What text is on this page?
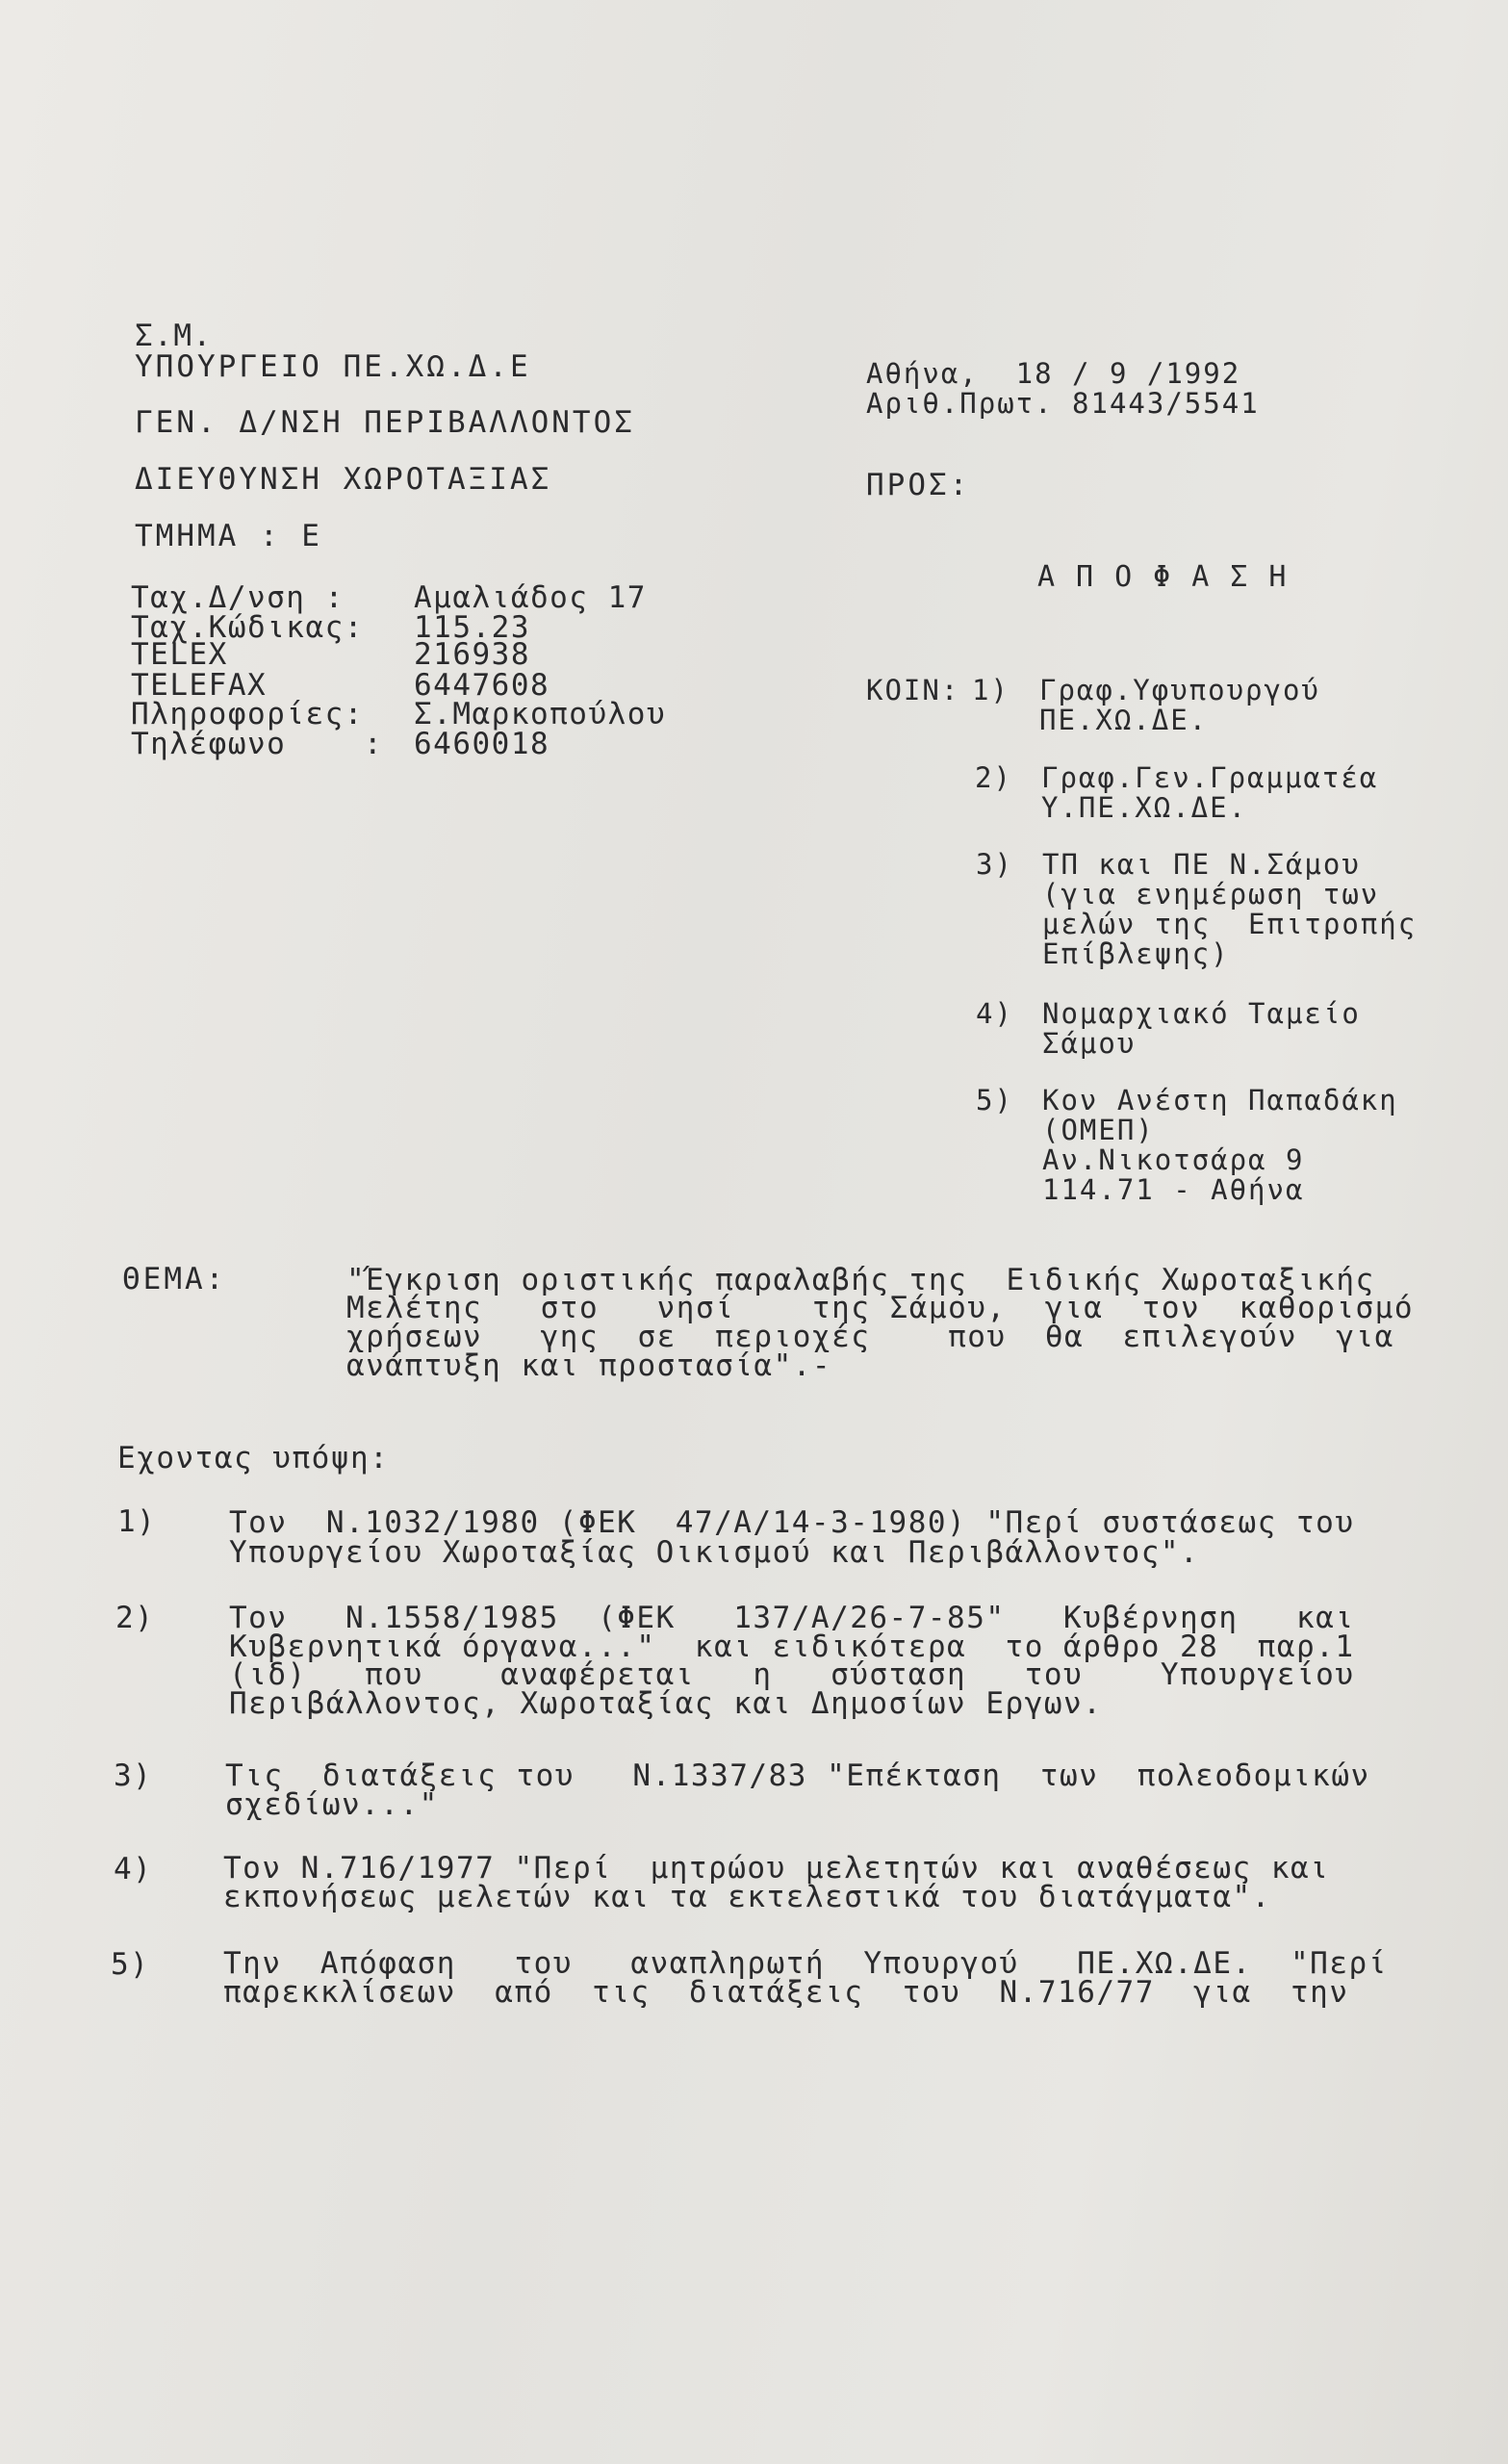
Σ.Μ.
ΥΠΟΥΡΓΕΙΟ ΠΕ.ΧΩ.Δ.Ε
ΓΕΝ. Δ/ΝΣΗ ΠΕΡΙΒΑΛΛΟΝΤΟΣ
ΔΙΕΥΘΥΝΣΗ ΧΩΡΟΤΑΞΙΑΣ
ΤΜΗΜΑ : Ε
Ταχ.Δ/νση : Αμαλιάδος 17
Ταχ.Κώδικας: 115.23
TELEX	216938
TELEFAX	6447608
Πληροφορίες: Σ.Μαρκοπούλου
Τηλέφωνο    : 6460018
Αθήνα,  18 / 9 /1992
Αριθ.Πρωτ. 81443/5541
ΠΡΟΣ:
ΑΠΟΦΑΣΗ
ΚΟΙΝ: 1) Γραφ.Υφυπουργού
ΠΕ.ΧΩ.ΔΕ.
2) Γραφ.Γεν.Γραμματέα
Υ.ΠΕ.ΧΩ.ΔΕ.
3) ΤΠ και ΠΕ Ν.Σάμου
(για ενημέρωση των
μελών της  Επιτροπής
Επίβλεψης)
4) Νομαρχιακό Ταμείο
Σάμου
5) Κον Ανέστη Παπαδάκη
(ΟΜΕΠ)
Αν.Νικοτσάρα 9
114.71 - Αθήνα
ΘΕΜΑ:	"Έγκριση οριστικής παραλαβής της  Ειδικής Χωροταξικής
Μελέτης   στο   νησί    της Σάμου,  για  τον  καθορισμό
χρήσεων   γης  σε  περιοχές    που  θα  επιλεγούν  για
ανάπτυξη και προστασία".-
Εχοντας υπόψη:
1) Τον  Ν.1032/1980 (ΦΕΚ  47/Α/14-3-1980) "Περί συστάσεως του
Υπουργείου Χωροταξίας Οικισμού και Περιβάλλοντος".
2)	Τον   Ν.1558/1985  (ΦΕΚ   137/Α/26-7-85"   Κυβέρνηση   και
Κυβερνητικά όργανα..."  και ειδικότερα  το άρθρο 28  παρ.1
(ιδ)   που    αναφέρεται   η   σύσταση   του    Υπουργείου
Περιβάλλοντος, Χωροταξίας και Δημοσίων Εργων.
3) Τις  διατάξεις του   Ν.1337/83 "Επέκταση  των  πολεοδομικών
σχεδίων..."
4) Τον Ν.716/1977 "Περί  μητρώου μελετητών και αναθέσεως και
εκπονήσεως μελετών και τα εκτελεστικά του διατάγματα".
5) Την  Απόφαση   του   αναπληρωτή  Υπουργού   ΠΕ.ΧΩ.ΔΕ.  "Περί
παρεκκλίσεων  από  τις  διατάξεις  του  Ν.716/77  για  την
